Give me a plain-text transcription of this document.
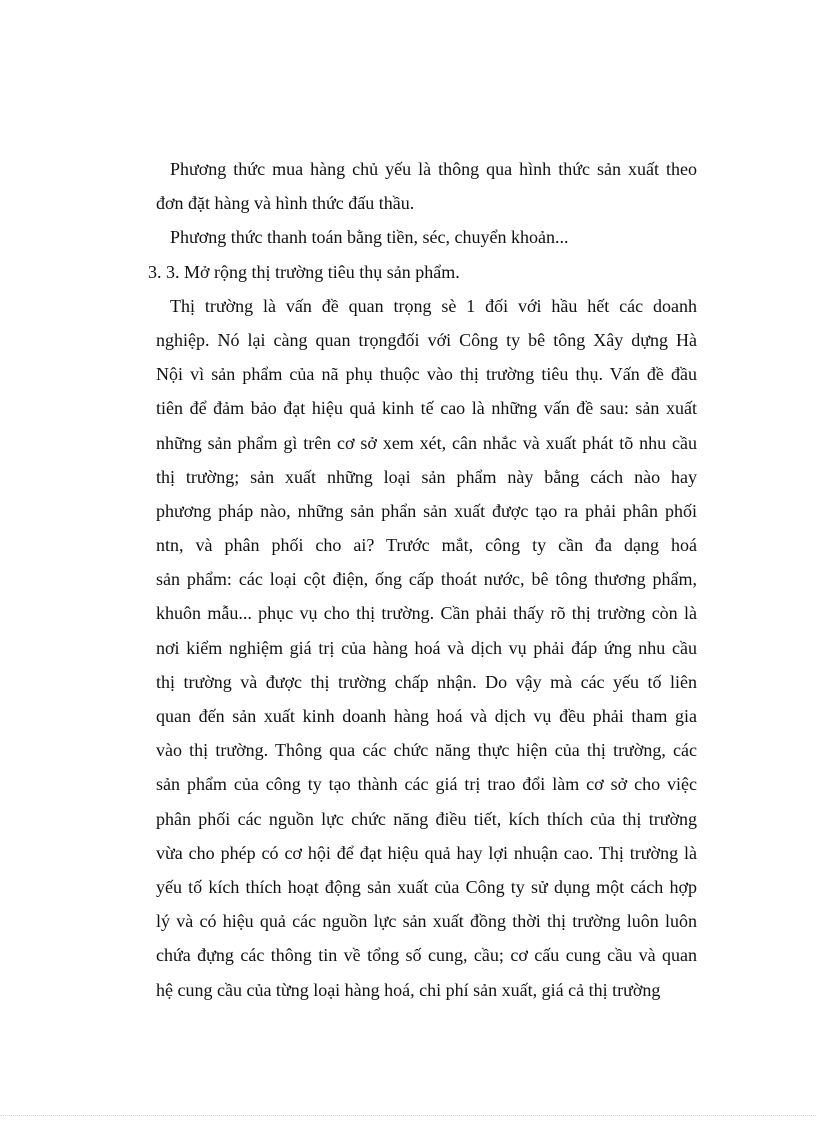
Phương thức mua hàng chủ yếu là thông qua hình thức sản xuất theo
đơn đặt hàng và hình thức đấu thầu.
Phương thức thanh toán bằng tiền, séc, chuyển khoản...
3. 3. Mở rộng thị trường tiêu thụ sản phẩm.
Thị trường là vấn đề quan trọng sè 1 đối với hầu hết các doanh
nghiệp. Nó lại càng quan trọngđối với Công ty bê tông Xây dựng Hà
Nội vì sản phẩm của nã phụ thuộc vào thị trường tiêu thụ. Vấn đề đầu
tiên để đảm bảo đạt hiệu quả kinh tế cao là những vấn đề sau: sản xuất
những sản phẩm gì trên cơ sở xem xét, cân nhắc và xuất phát tõ nhu cầu
thị trường; sản xuất những loại sản phẩm này bằng cách nào hay
phương pháp nào, những sản phẩn sản xuất được tạo ra phải phân phối
ntn, và phân phối cho ai? Trước mắt, công ty cần đa dạng hoá
sản phẩm: các loại cột điện, ống cấp thoát nước, bê tông thương phẩm,
khuôn mẫu... phục vụ cho thị trường. Cần phải thấy rõ thị trường còn là
nơi kiểm nghiệm giá trị của hàng hoá và dịch vụ phải đáp ứng nhu cầu
thị trường và được thị trường chấp nhận. Do vậy mà các yếu tố liên
quan đến sản xuất kinh doanh hàng hoá và dịch vụ đều phải tham gia
vào thị trường. Thông qua các chức năng thực hiện của thị trường, các
sản phẩm của công ty tạo thành các giá trị trao đổi làm cơ sở cho việc
phân phối các nguồn lực chức năng điều tiết, kích thích của thị trường
vừa cho phép có cơ hội để đạt hiệu quả hay lợi nhuận cao. Thị trường là
yếu tố kích thích hoạt động sản xuất của Công ty sử dụng một cách hợp
lý và có hiệu quả các nguồn lực sản xuất đồng thời thị trường luôn luôn
chứa đựng các thông tin về tổng số cung, cầu; cơ cấu cung cầu và quan
hệ cung cầu của từng loại hàng hoá, chi phí sản xuất, giá cả thị trường
